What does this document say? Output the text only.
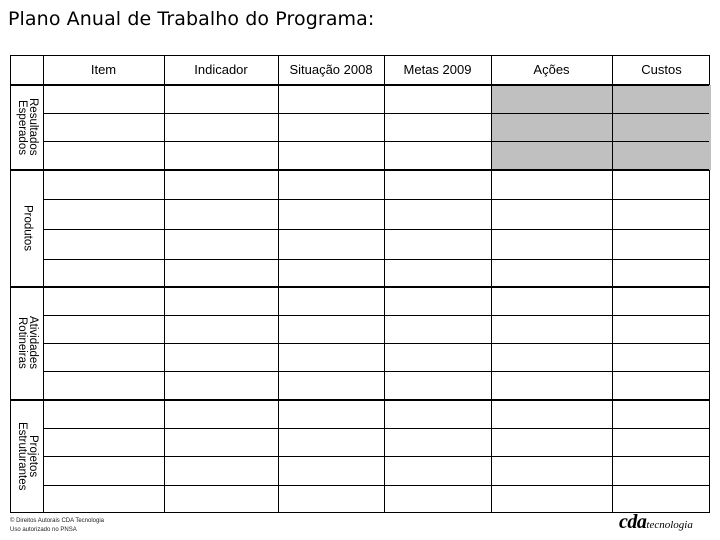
Plano Anual de Trabalho do Programa:
Item	Indicador	Situação 2008	Metas 2009	Ações	Custos
Resultados
Esperados
Produtos
Atividades
Rotineiras
Projetos
Estruturantes
© Direitos Autorais CDA Tecnologia
Uso autorizado no PNSA	cdatecnologia
